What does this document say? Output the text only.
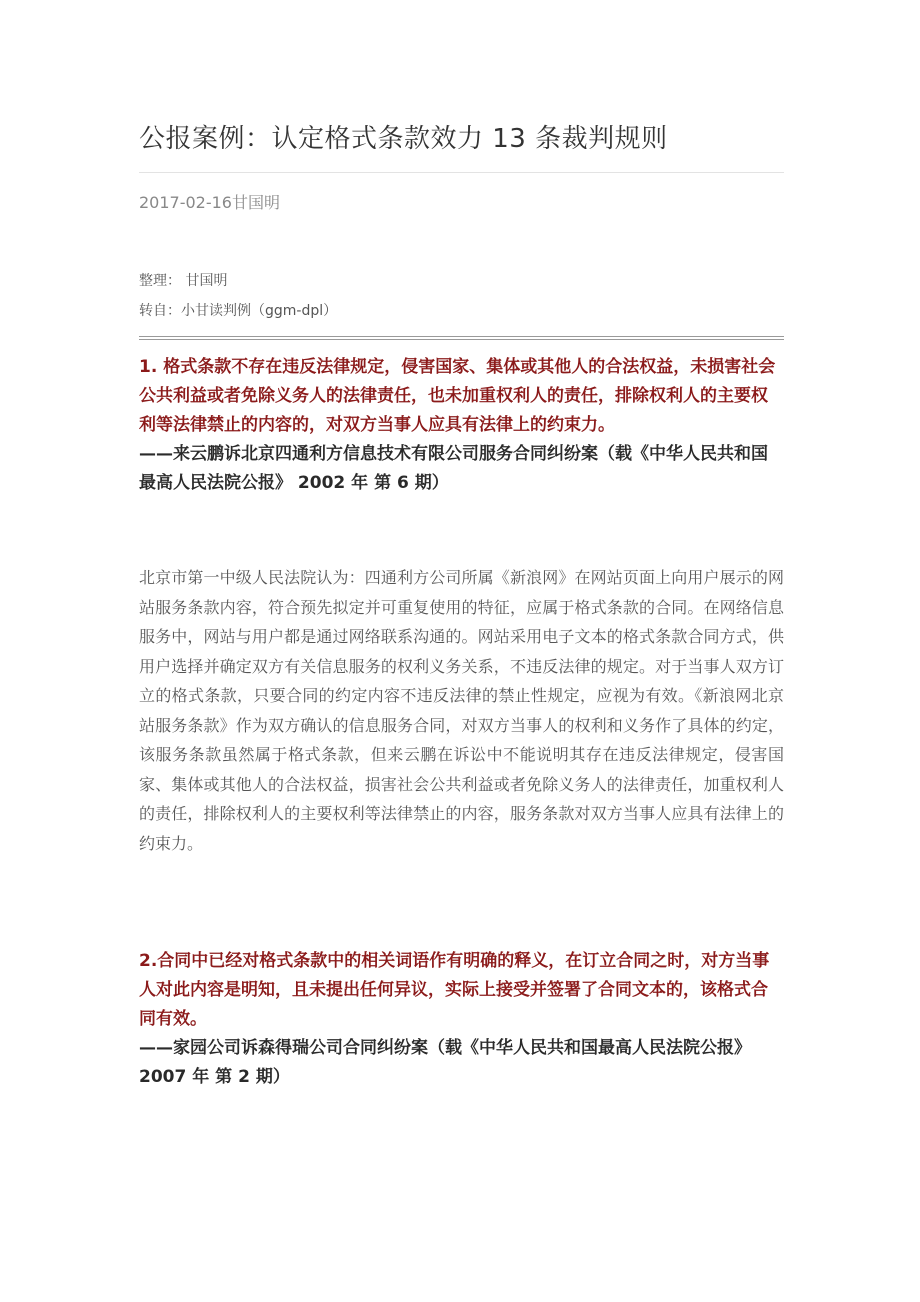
公报案例：认定格式条款效力 13 条裁判规则
2017-02-16甘国明
整理： 甘国明
转自：小甘读判例（ggm-dpl）
1. 格式条款不存在违反法律规定，侵害国家、集体或其他人的合法权益，未损害社会公共利益或者免除义务人的法律责任，也未加重权利人的责任，排除权利人的主要权利等法律禁止的内容的，对双方当事人应具有法律上的约束力。
——来云鹏诉北京四通利方信息技术有限公司服务合同纠纷案（载《中华人民共和国最高人民法院公报》 2002 年 第 6 期）

北京市第一中级人民法院认为：四通利方公司所属《新浪网》在网站页面上向用户展示的网站服务条款内容，符合预先拟定并可重复使用的特征，应属于格式条款的合同。在网络信息服务中，网站与用户都是通过网络联系沟通的。网站采用电子文本的格式条款合同方式，供用户选择并确定双方有关信息服务的权利义务关系，不违反法律的规定。对于当事人双方订立的格式条款，只要合同的约定内容不违反法律的禁止性规定，应视为有效。《新浪网北京站服务条款》作为双方确认的信息服务合同，对双方当事人的权利和义务作了具体的约定，该服务条款虽然属于格式条款，但来云鹏在诉讼中不能说明其存在违反法律规定，侵害国家、集体或其他人的合法权益，损害社会公共利益或者免除义务人的法律责任，加重权利人的责任，排除权利人的主要权利等法律禁止的内容，服务条款对双方当事人应具有法律上的约束力。

2.合同中已经对格式条款中的相关词语作有明确的释义，在订立合同之时，对方当事人对此内容是明知，且未提出任何异议，实际上接受并签署了合同文本的，该格式合同有效。
——家园公司诉森得瑞公司合同纠纷案（载《中华人民共和国最高人民法院公报》 2007 年 第 2 期）
